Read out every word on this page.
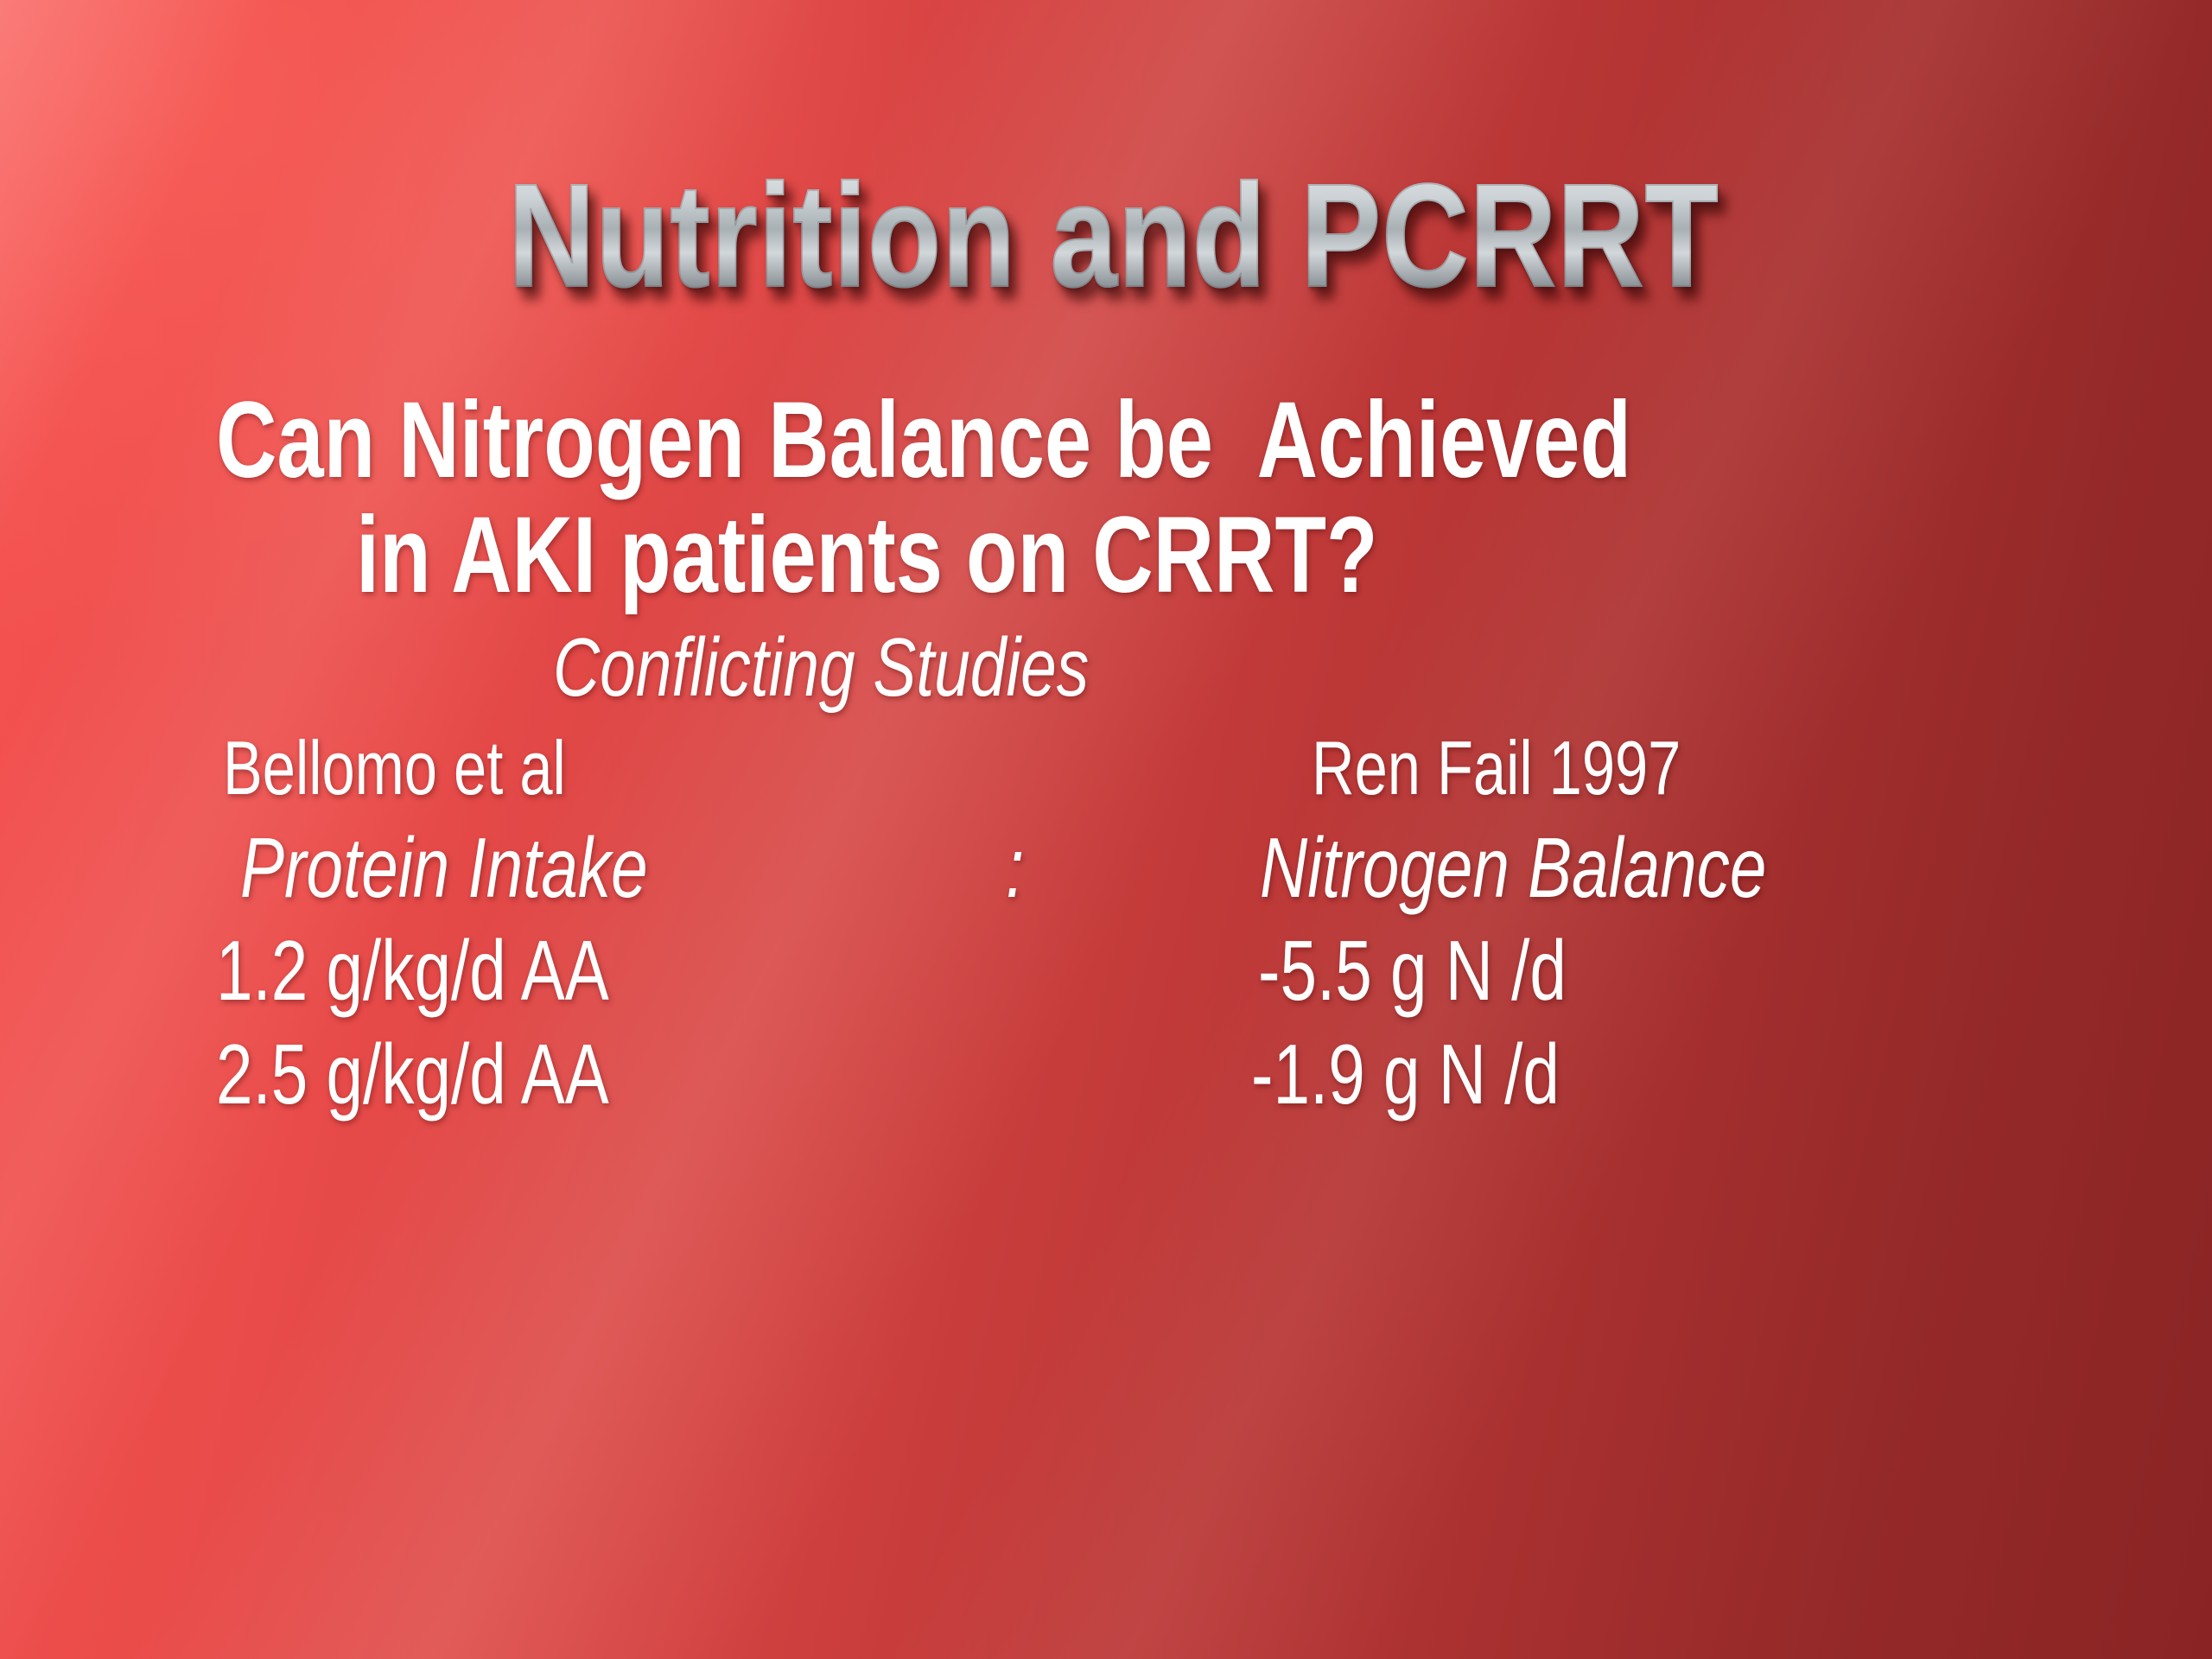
Nutrition and PCRRT

Can Nitrogen Balance be  Achieved
in AKI patients on CRRT?
Conflicting Studies
Bellomo et al	Ren Fail 1997
Protein Intake	:	Nitrogen Balance
1.2 g/kg/d AA	-5.5 g N /d
2.5 g/kg/d AA	-1.9 g N /d
